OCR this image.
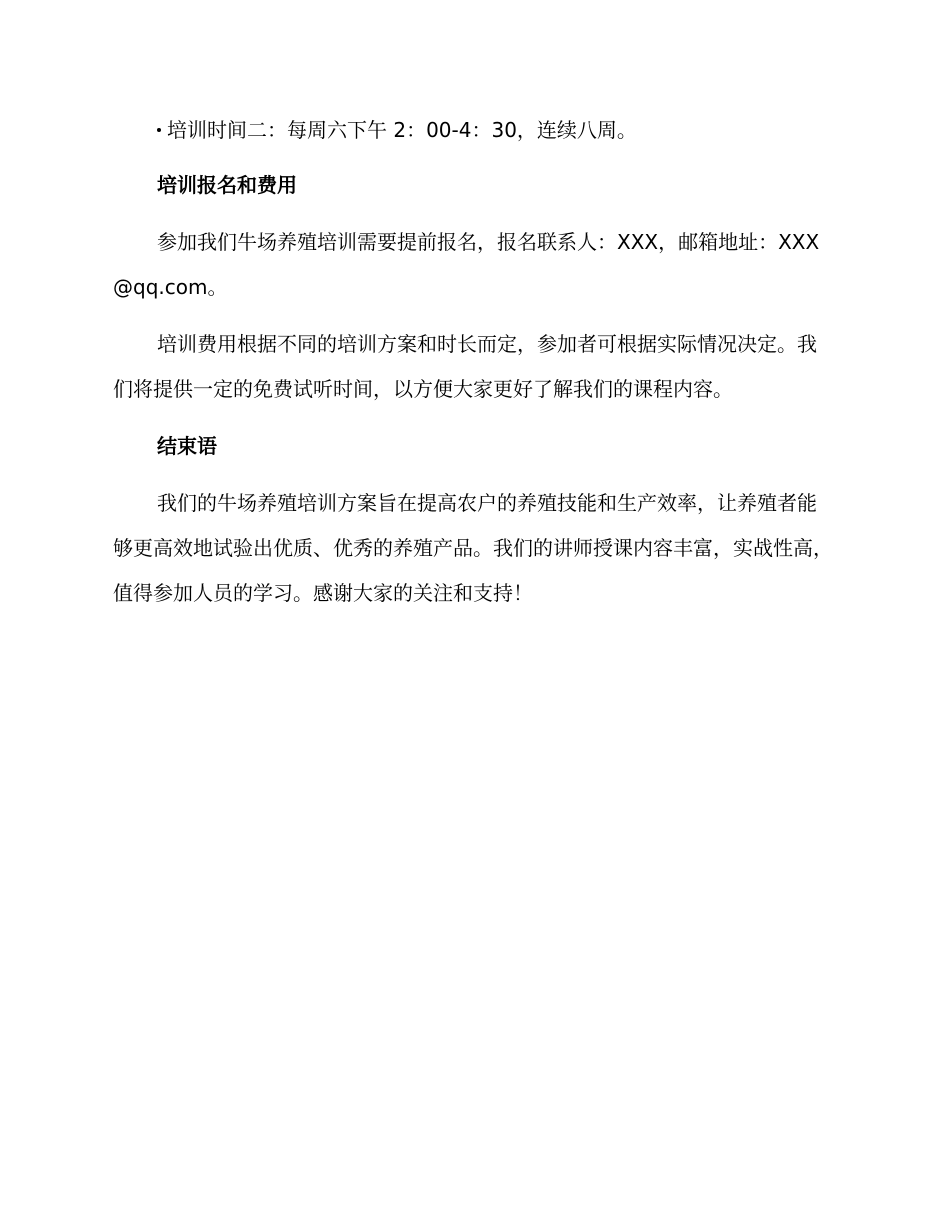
培训时间二：每周六下午 2：00-4：30，连续八周。

培训报名和费用

参加我们牛场养殖培训需要提前报名，报名联系人：XXX，邮箱地址：XXX@qq.com。

培训费用根据不同的培训方案和时长而定，参加者可根据实际情况决定。我们将提供一定的免费试听时间，以方便大家更好了解我们的课程内容。

结束语

我们的牛场养殖培训方案旨在提高农户的养殖技能和生产效率，让养殖者能够更高效地试验出优质、优秀的养殖产品。我们的讲师授课内容丰富，实战性高，值得参加人员的学习。感谢大家的关注和支持！
